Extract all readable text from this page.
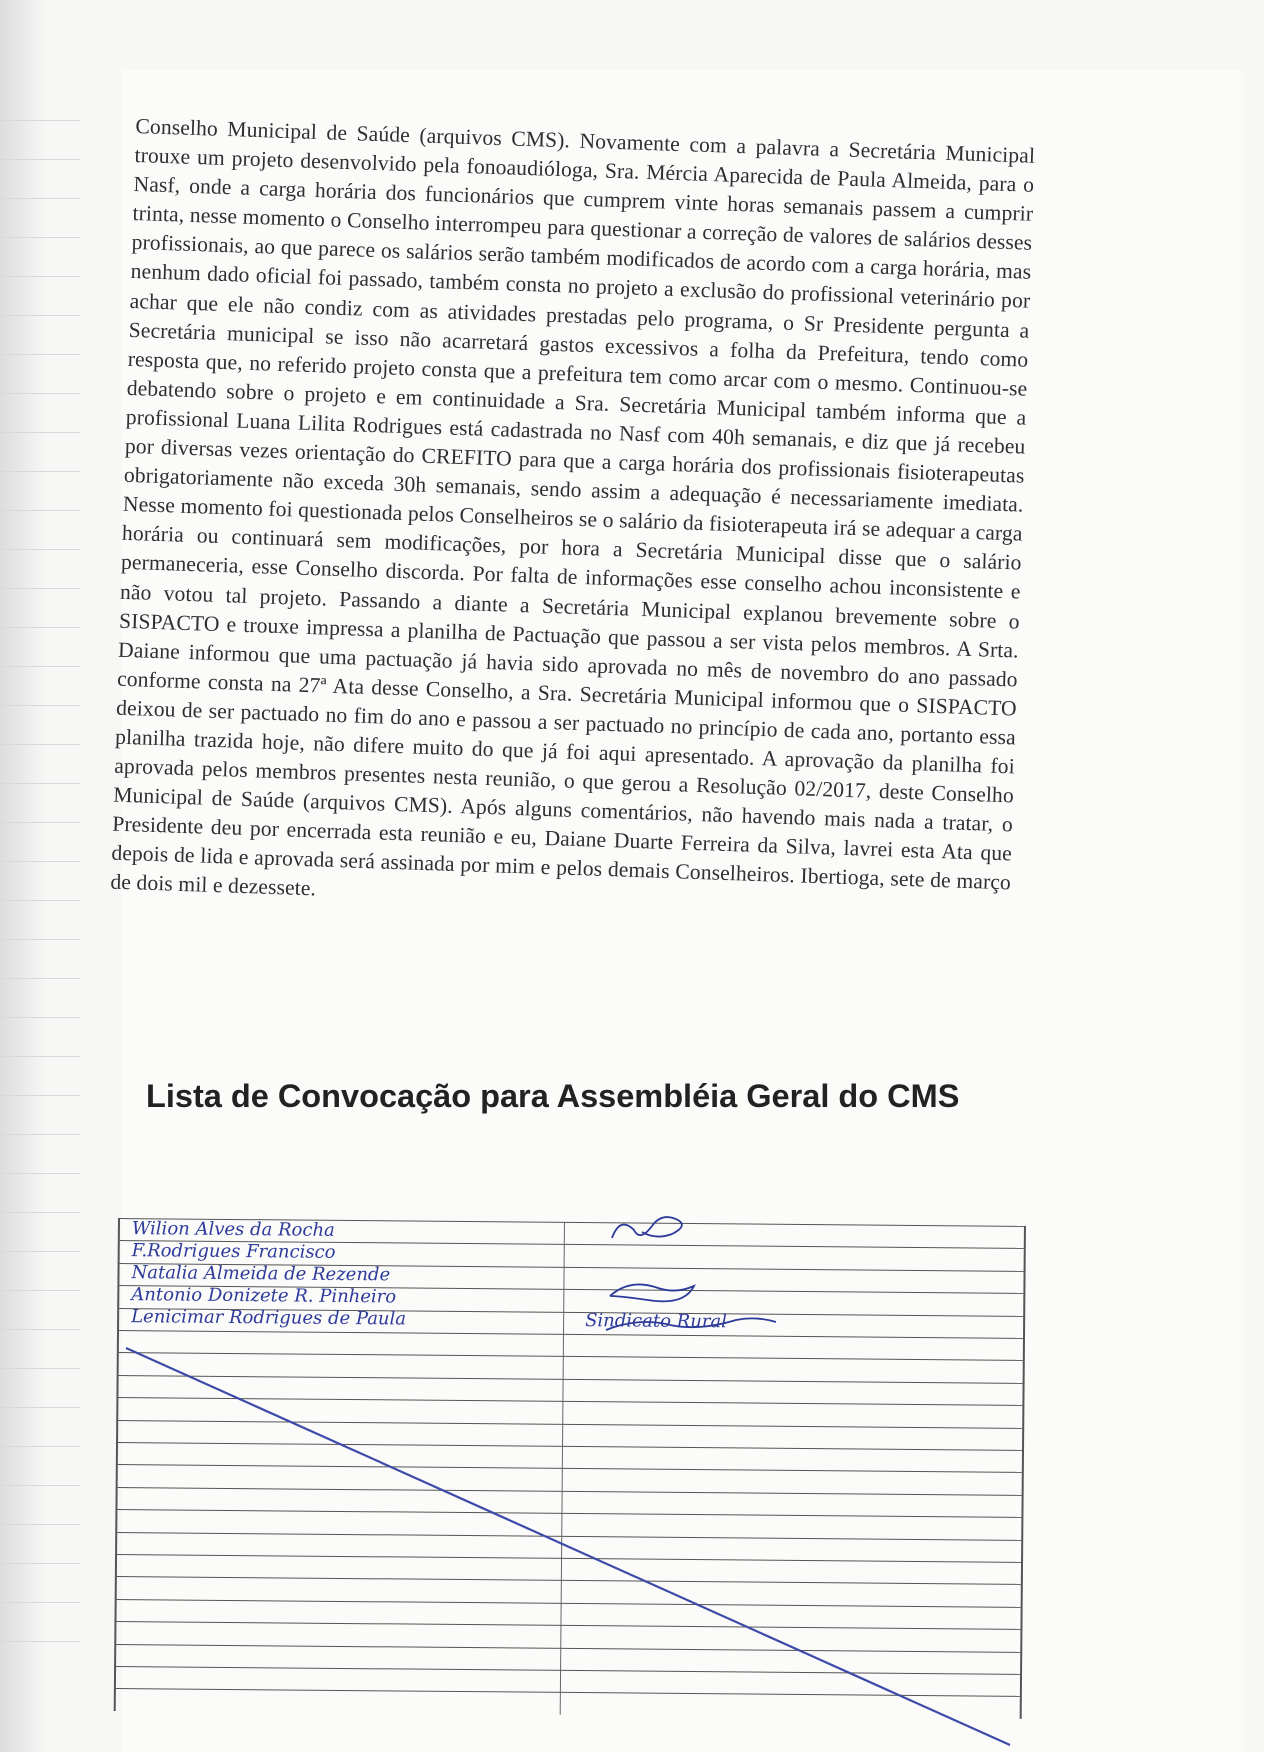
Conselho Municipal de Saúde (arquivos CMS). Novamente com a palavra a Secretária Municipal trouxe um projeto desenvolvido pela fonoaudióloga, Sra. Mércia Aparecida de Paula Almeida, para o Nasf, onde a carga horária dos funcionários que cumprem vinte horas semanais passem a cumprir trinta, nesse momento o Conselho interrompeu para questionar a correção de valores de salários desses profissionais, ao que parece os salários serão também modificados de acordo com a carga horária, mas nenhum dado oficial foi passado, também consta no projeto a exclusão do profissional veterinário por achar que ele não condiz com as atividades prestadas pelo programa, o Sr Presidente pergunta a Secretária municipal se isso não acarretará gastos excessivos a folha da Prefeitura, tendo como resposta que, no referido projeto consta que a prefeitura tem como arcar com o mesmo. Continuou-se debatendo sobre o projeto e em continuidade a Sra. Secretária Municipal também informa que a profissional Luana Lilita Rodrigues está cadastrada no Nasf com 40h semanais, e diz que já recebeu por diversas vezes orientação do CREFITO para que a carga horária dos profissionais fisioterapeutas obrigatoriamente não exceda 30h semanais, sendo assim a adequação é necessariamente imediata. Nesse momento foi questionada pelos Conselheiros se o salário da fisioterapeuta irá se adequar a carga horária ou continuará sem modificações, por hora a Secretária Municipal disse que o salário permaneceria, esse Conselho discorda. Por falta de informações esse conselho achou inconsistente e não votou tal projeto. Passando a diante a Secretária Municipal explanou brevemente sobre o SISPACTO e trouxe impressa a planilha de Pactuação que passou a ser vista pelos membros. A Srta. Daiane informou que uma pactuação já havia sido aprovada no mês de novembro do ano passado conforme consta na 27ª Ata desse Conselho, a Sra. Secretária Municipal informou que o SISPACTO deixou de ser pactuado no fim do ano e passou a ser pactuado no princípio de cada ano, portanto essa planilha trazida hoje, não difere muito do que já foi aqui apresentado. A aprovação da planilha foi aprovada pelos membros presentes nesta reunião, o que gerou a Resolução 02/2017, deste Conselho Municipal de Saúde (arquivos CMS). Após alguns comentários, não havendo mais nada a tratar, o Presidente deu por encerrada esta reunião e eu, Daiane Duarte Ferreira da Silva, lavrei esta Ata que depois de lida e aprovada será assinada por mim e pelos demais Conselheiros. Ibertioga, sete de março de dois mil e dezessete.
Lista de Convocação para Assembléia Geral do CMS
Wilion Alves da Rocha
F.Rodrigues Francisco
Natalia Almeida de Rezende
Antonio Donizete R. Pinheiro
Lenicimar Rodrigues de Paula	Sindicato Rural
